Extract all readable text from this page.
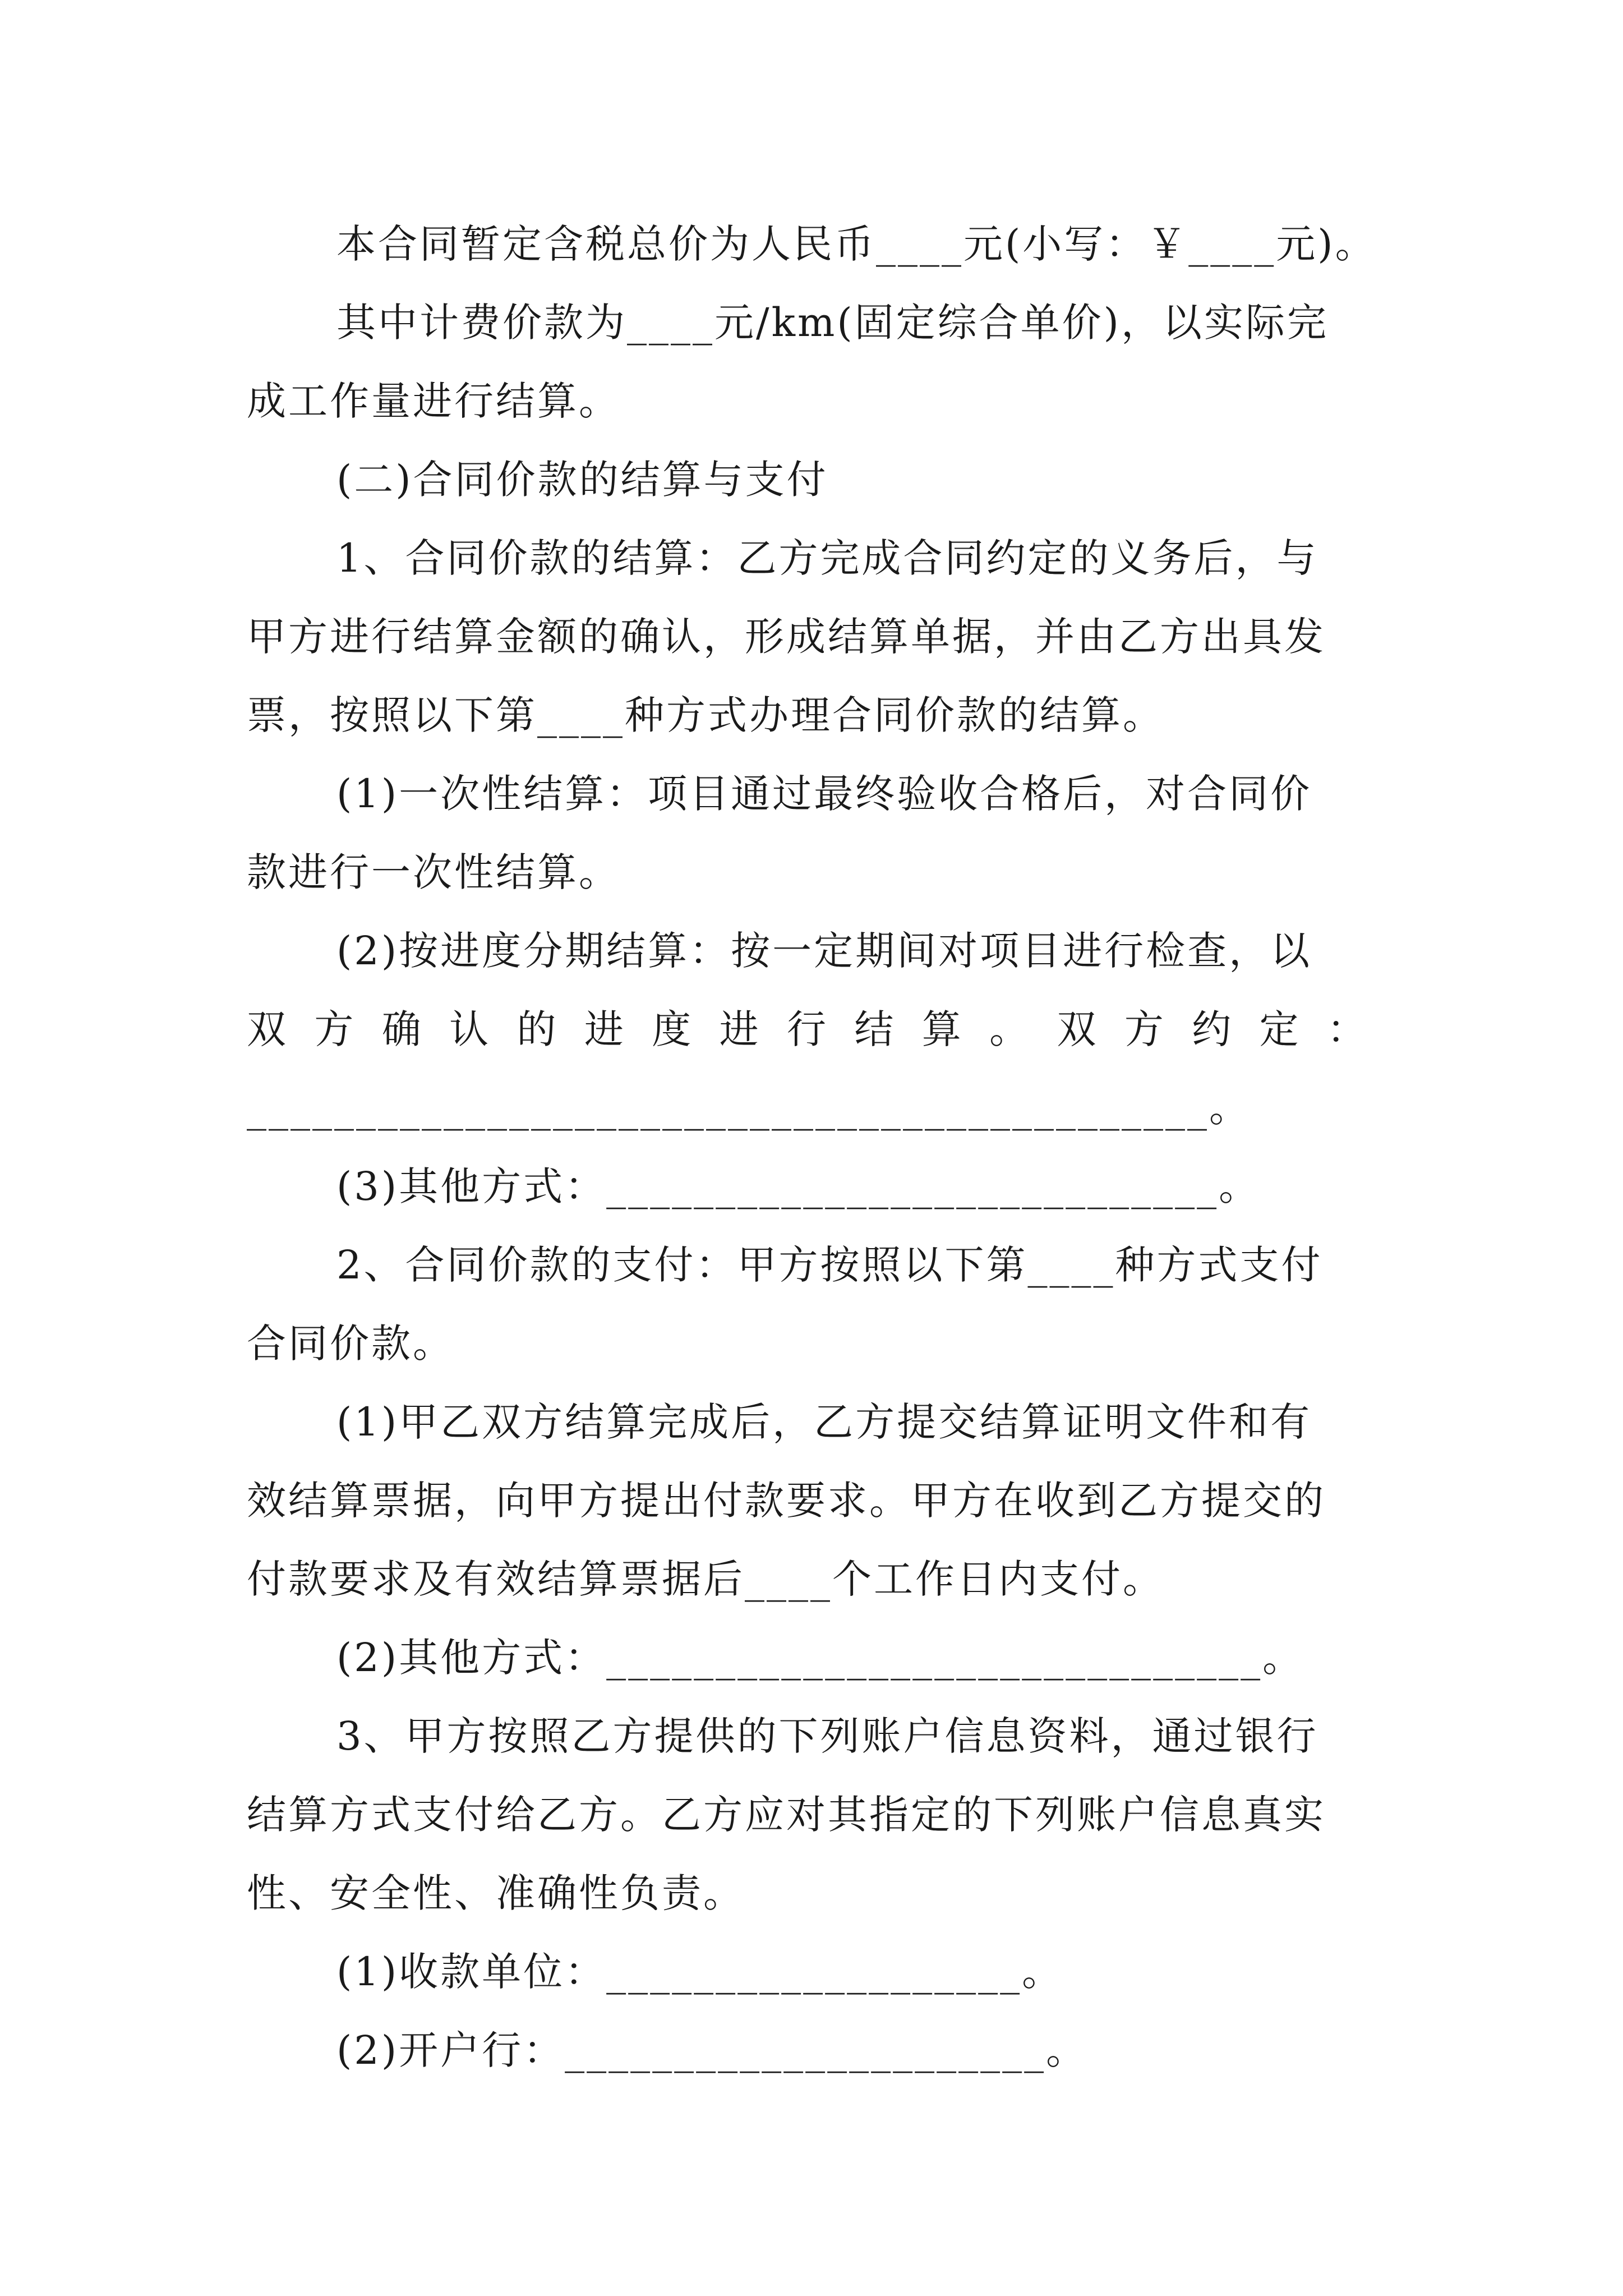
本合同暂定含税总价为人民币____元(小写：￥____元)。
其中计费价款为____元/km(固定综合单价)，以实际完
成工作量进行结算。
(二)合同价款的结算与支付
1、合同价款的结算：乙方完成合同约定的义务后，与
甲方进行结算金额的确认，形成结算单据，并由乙方出具发
票，按照以下第____种方式办理合同价款的结算。
(1)一次性结算：项目通过最终验收合格后，对合同价
款进行一次性结算。
(2)按进度分期结算：按一定期间对项目进行检查，以
双方确认的进度进行结算。双方约定：
____________________________________________。
(3)其他方式：____________________________。
2、合同价款的支付：甲方按照以下第____种方式支付
合同价款。
(1)甲乙双方结算完成后，乙方提交结算证明文件和有
效结算票据，向甲方提出付款要求。甲方在收到乙方提交的
付款要求及有效结算票据后____个工作日内支付。
(2)其他方式：______________________________。
3、甲方按照乙方提供的下列账户信息资料，通过银行
结算方式支付给乙方。乙方应对其指定的下列账户信息真实
性、安全性、准确性负责。
(1)收款单位：___________________。
(2)开户行：______________________。
